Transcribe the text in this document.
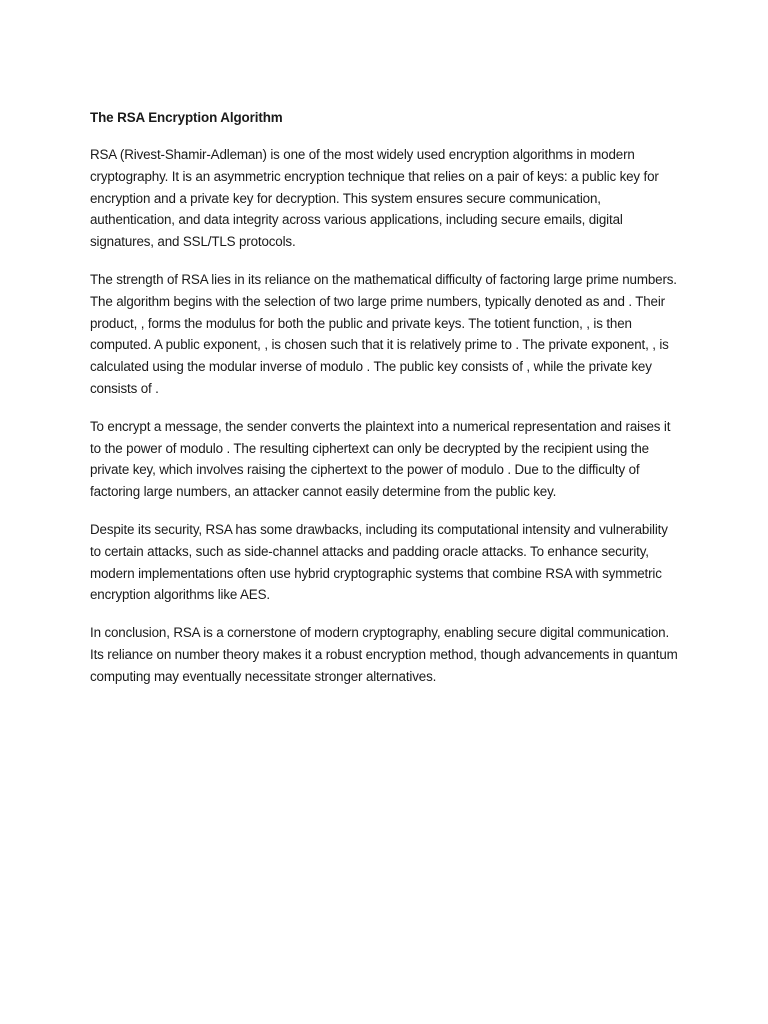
The RSA Encryption Algorithm

RSA (Rivest-Shamir-Adleman) is one of the most widely used encryption algorithms in modern cryptography. It is an asymmetric encryption technique that relies on a pair of keys: a public key for encryption and a private key for decryption. This system ensures secure communication, authentication, and data integrity across various applications, including secure emails, digital signatures, and SSL/TLS protocols.

The strength of RSA lies in its reliance on the mathematical difficulty of factoring large prime numbers. The algorithm begins with the selection of two large prime numbers, typically denoted as and . Their product, , forms the modulus for both the public and private keys. The totient function, , is then computed. A public exponent, , is chosen such that it is relatively prime to . The private exponent, , is calculated using the modular inverse of modulo . The public key consists of , while the private key consists of .

To encrypt a message, the sender converts the plaintext into a numerical representation and raises it to the power of modulo . The resulting ciphertext can only be decrypted by the recipient using the private key, which involves raising the ciphertext to the power of modulo . Due to the difficulty of factoring large numbers, an attacker cannot easily determine from the public key.

Despite its security, RSA has some drawbacks, including its computational intensity and vulnerability to certain attacks, such as side-channel attacks and padding oracle attacks. To enhance security, modern implementations often use hybrid cryptographic systems that combine RSA with symmetric encryption algorithms like AES.

In conclusion, RSA is a cornerstone of modern cryptography, enabling secure digital communication. Its reliance on number theory makes it a robust encryption method, though advancements in quantum computing may eventually necessitate stronger alternatives.
